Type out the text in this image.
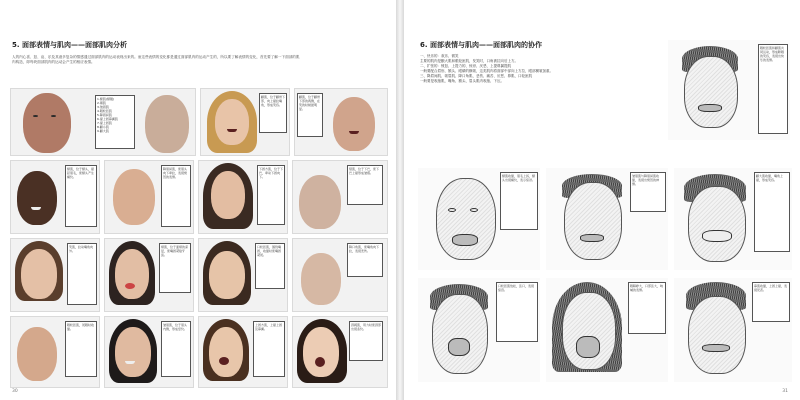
5. 面部表情与肌肉——面部肌肉分析
人的内心喜、怒、哀、乐及其诸多复杂的情感通过面部肌肉的运动表现出来的。而这些表情的变化都是通过面部肌肉的运动产生的，所以要了解表情的变化，首先要了解一下面部的肌肉构造，即每块面部肌肉的运动会产生的相应表情。
1.额肌(额腹)
2.颞肌
3.皱眉肌
4.眼轮匝肌
5.降眉间肌
6.提上唇鼻翼肌
7.提上唇肌
8.颧小肌
9.颧大肌
颧肌，位于颧骨下部，向上提拉嘴角，形成笑容。
颧肌，位于颧骨下部的两侧，在笑的时候最明显。
额肌，位于额头，提起眉毛，使额头产生横纹。
降眉间肌，使眉头向下牵拉，表现愤怒的表情。
下唇方肌，位于下巴，牵动下唇向下。
颏肌，位于下巴，使下巴上提形成皱褶。
笑肌，拉动嘴角向外。
颊肌，位于面颊的深层，使嘴唇紧贴牙齿。
口轮匝肌，围绕嘴唇，收缩时使嘴唇紧闭。
降口角肌，使嘴角向下拉，表现悲伤。
眼轮匝肌，闭眼时收缩。
皱眉肌，位于眉头内侧，形成竖纹。
上唇方肌，上提上唇及鼻翼。
颈阔肌，用力时使颈部出现条纹。
30
6. 面部表情与肌肉——面部肌肉的协作
一、快乐的：欢乐、微笑
主要的肌肉是颧大肌和眼轮匝肌，发笑时，口角被拉向后上方。
二、扩张的：愤怒、上提力的、惊讶、厌恶、上提鼻翼提肌
一般要配合眉形，额头、眼睛的横皱，这类肌肉将面部中部向上方拉，眼部横皱加重。
三、降眉间肌、皱眉肌、降口角肌、悲伤、痛苦、厌恶、鼻肌、口轮匝肌
一般要是收缩肌，嘴角、额头、眉头肌肉收缩、下压。
眼轮匝肌和颧肌共同运动，形成眯眼的笑容，表现出快乐的表情。
额肌收缩，眉毛上扬，额头出现横纹，表示惊讶。
皱眉肌与降眉间肌收缩，表现出愤怒的神情。
颧大肌收缩，嘴角上提，形成笑容。
口轮匝肌放松，张口，表现惊恐。
眼睛睁大，口部张大，呐喊的表情。
鼻肌收缩，上唇上提，表现厌恶。
31
